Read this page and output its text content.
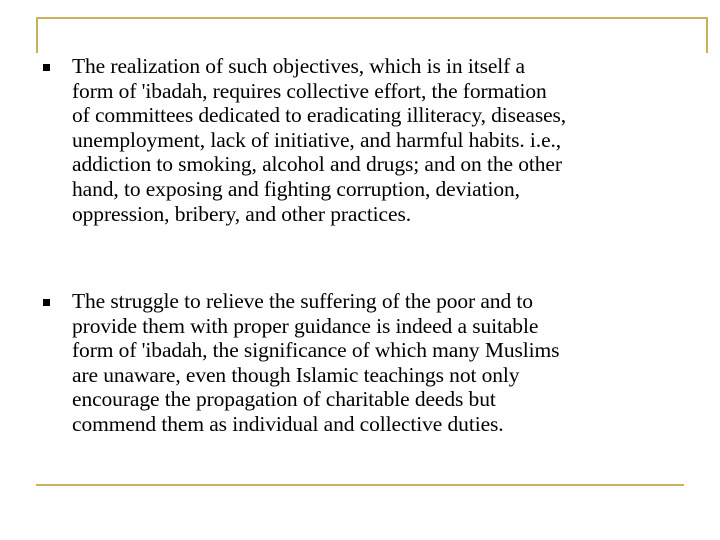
The realization of such objectives, which is in itself a
form of 'ibadah, requires collective effort, the formation
of committees dedicated to eradicating illiteracy, diseases,
unemployment, lack of initiative, and harmful habits. i.e.,
addiction to smoking, alcohol and drugs; and on the other
hand, to exposing and fighting corruption, deviation,
oppression, bribery, and other practices.

The struggle to relieve the suffering of the poor and to
provide them with proper guidance is indeed a suitable
form of 'ibadah, the significance of which many Muslims
are unaware, even though Islamic teachings not only
encourage the propagation of charitable deeds but
commend them as individual and collective duties.
